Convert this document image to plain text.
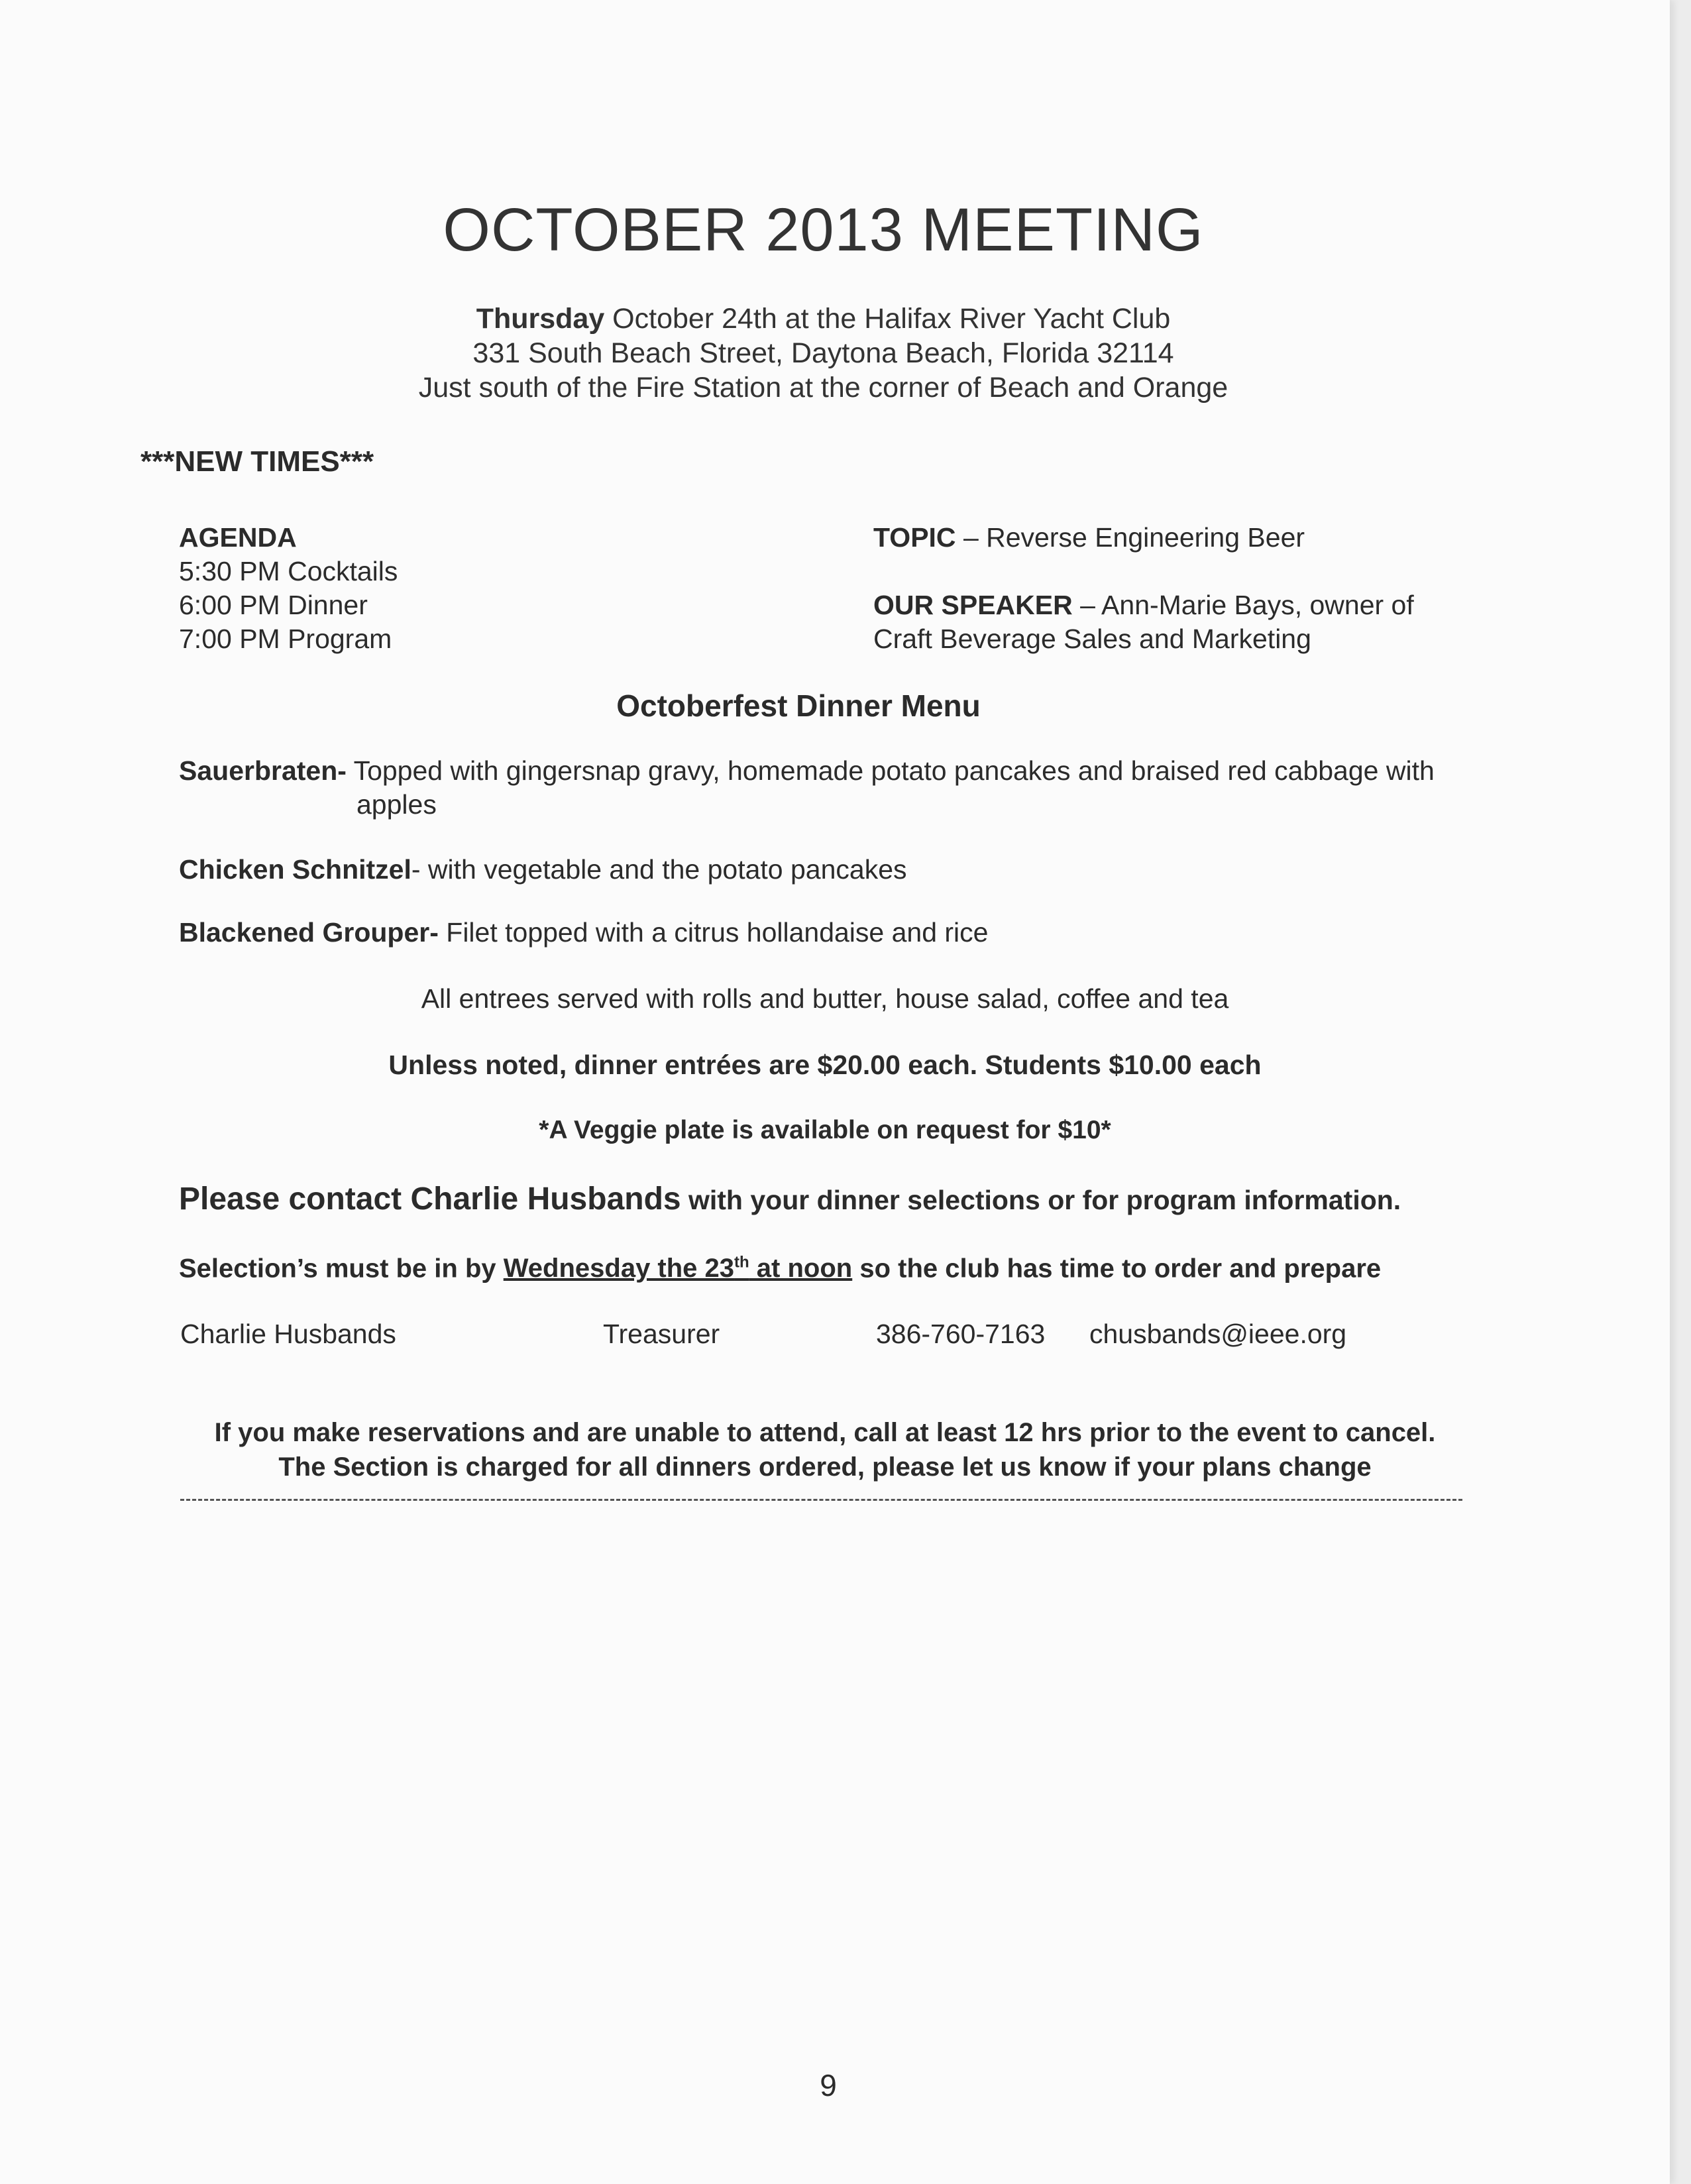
OCTOBER 2013 MEETING
Thursday October 24th at the Halifax River Yacht Club
331 South Beach Street, Daytona Beach, Florida 32114
Just south of the Fire Station at the corner of Beach and Orange
***NEW TIMES***
AGENDA
5:30 PM Cocktails
6:00 PM Dinner
7:00 PM Program
TOPIC – Reverse Engineering Beer
OUR SPEAKER – Ann-Marie Bays, owner of
Craft Beverage Sales and Marketing
Octoberfest Dinner Menu
Sauerbraten- Topped with gingersnap gravy, homemade potato pancakes and braised red cabbage with
apples
Chicken Schnitzel- with vegetable and the potato pancakes
Blackened Grouper- Filet topped with a citrus hollandaise and rice
All entrees served with rolls and butter, house salad, coffee and tea
Unless noted, dinner entrées are $20.00 each. Students $10.00 each
*A Veggie plate is available on request for $10*
Please contact Charlie Husbands with your dinner selections or for program information.
Selection’s must be in by Wednesday the 23th at noon so the club has time to order and prepare
Charlie Husbands	Treasurer	386-760-7163 chusbands@ieee.org
If you make reservations and are unable to attend, call at least 12 hrs prior to the event to cancel.
The Section is charged for all dinners ordered, please let us know if your plans change
9
